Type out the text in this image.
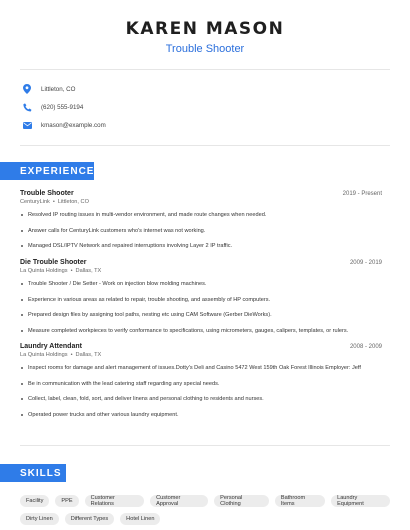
KAREN MASON
Trouble Shooter
Littleton, CO
(620) 555-9194
kmason@example.com
EXPERIENCE
Trouble Shooter	2019 - Present
CenturyLink • Littleton, CO
Resolved IP routing issues in multi-vendor environment, and made route changes when needed.
Answer calls for CenturyLink customers who's internet was not working.
Managed DSL/IPTV Network and repaired interruptions involving Layer 2 IP traffic.
Die Trouble Shooter	2009 - 2019
La Quinta Holdings • Dallas, TX
Trouble Shooter / Die Setter - Work on injection blow molding machines.
Experience in various areas as related to repair, trouble shooting, and assembly of HP computers.
Prepared design files by assigning tool paths, nesting etc using CAM Software (Gerber DieWorks).
Measure completed workpieces to verify conformance to specifications, using micrometers, gauges, calipers, templates, or rulers.
Laundry Attendant	2008 - 2009
La Quinta Holdings • Dallas, TX
Inspect rooms for damage and alert management of issues.Dotty's Deli and Casino 5472 West 159th Oak Forest Illinois Employer: Jeff
Be in communication with the lead catering staff regarding any special needs.
Collect, label, clean, fold, sort, and deliver linens and personal clothing to residents and nurses.
Operated power trucks and other various laundry equipment.
SKILLS
Facility	PPE	Customer Relations
Customer Approval
Personal Clothing
Bathroom Items
Laundry Equipment
Dirty Linen	Different Types	Hotel Linen
